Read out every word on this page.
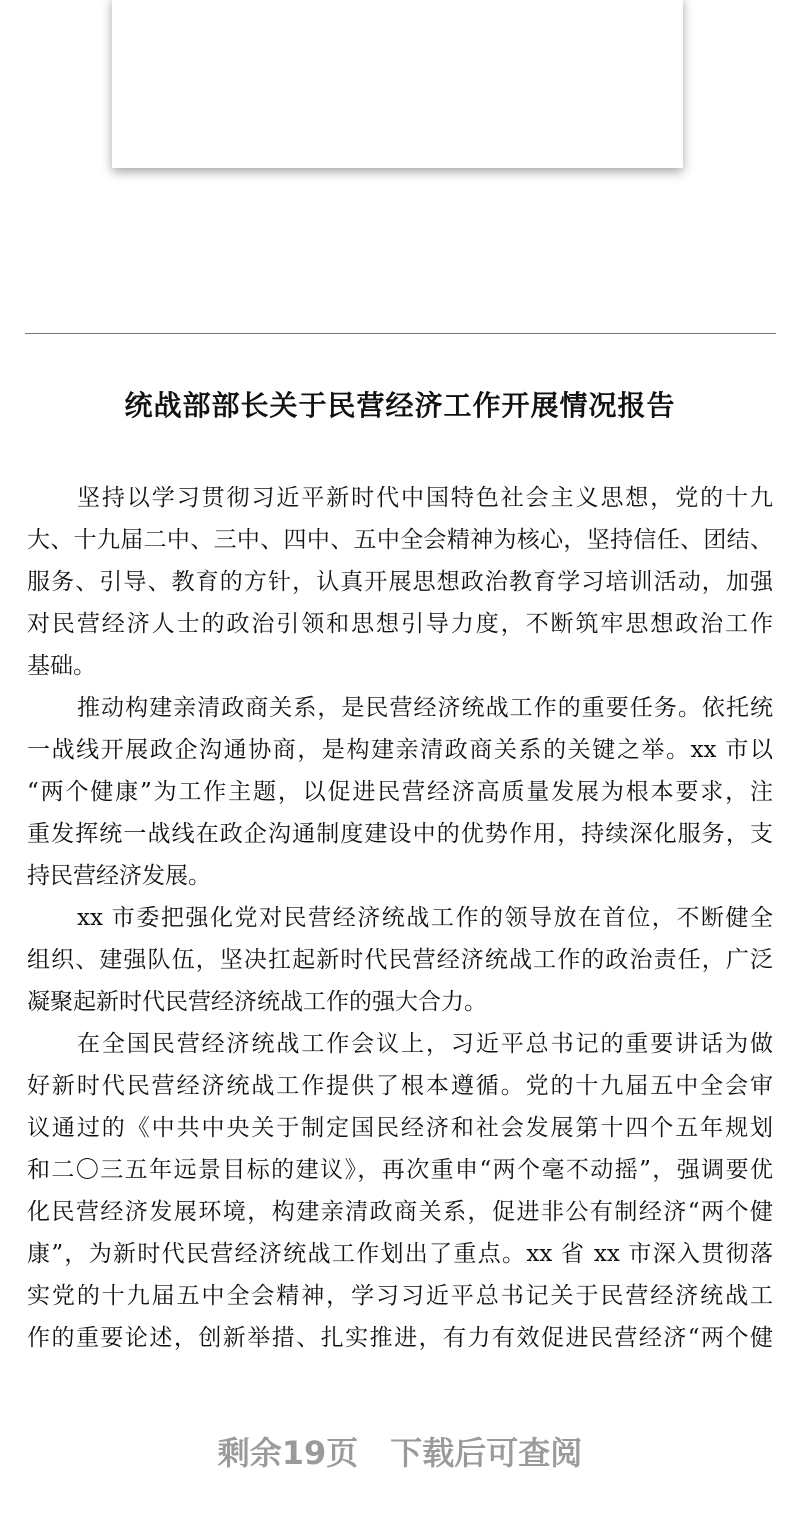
统战部部长关于民营经济工作开展情况报告
坚持以学习贯彻习近平新时代中国特色社会主义思想，党的十九
大、十九届二中、三中、四中、五中全会精神为核心，坚持信任、团结、
服务、引导、教育的方针，认真开展思想政治教育学习培训活动，加强
对民营经济人士的政治引领和思想引导力度，不断筑牢思想政治工作
基础。
推动构建亲清政商关系，是民营经济统战工作的重要任务。依托统
一战线开展政企沟通协商，是构建亲清政商关系的关键之举。xx 市以
“两个健康”为工作主题，以促进民营经济高质量发展为根本要求，注
重发挥统一战线在政企沟通制度建设中的优势作用，持续深化服务，支
持民营经济发展。
xx 市委把强化党对民营经济统战工作的领导放在首位，不断健全
组织、建强队伍，坚决扛起新时代民营经济统战工作的政治责任，广泛
凝聚起新时代民营经济统战工作的强大合力。
在全国民营经济统战工作会议上，习近平总书记的重要讲话为做
好新时代民营经济统战工作提供了根本遵循。党的十九届五中全会审
议通过的《中共中央关于制定国民经济和社会发展第十四个五年规划
和二〇三五年远景目标的建议》，再次重申“两个毫不动摇”，强调要优
化民营经济发展环境，构建亲清政商关系，促进非公有制经济“两个健
康”，为新时代民营经济统战工作划出了重点。xx 省 xx 市深入贯彻落
实党的十九届五中全会精神，学习习近平总书记关于民营经济统战工
作的重要论述，创新举措、扎实推进，有力有效促进民营经济“两个健
剩余19页　下载后可查阅
